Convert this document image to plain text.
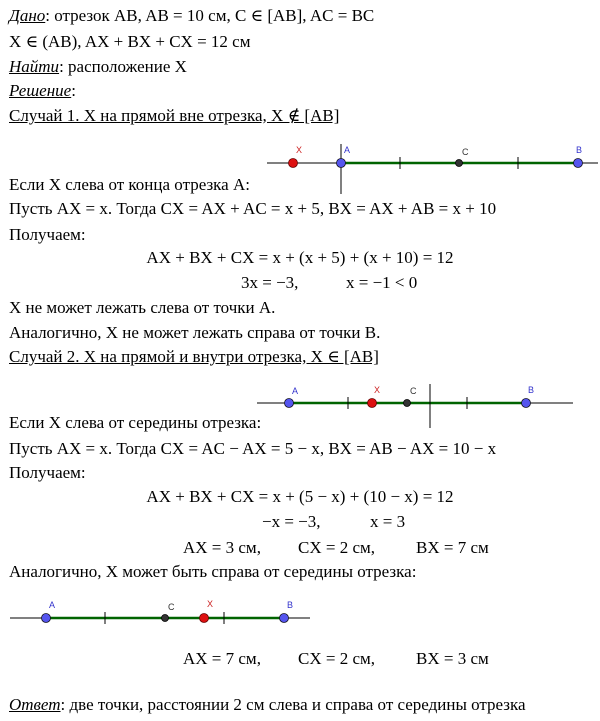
Дано: отрезок AB, AB = 10 см, C ∈ [AB], AC = BC
X ∈ (AB), AX + BX + CX = 12 см
Найти: расположение X
Решение:
Случай 1. X на прямой вне отрезка, X ∉ [AB]
X	A	C	B
Если X слева от конца отрезка A:
Пусть AX = x. Тогда CX = AX + AC = x + 5, BX = AX + AB = x + 10
Получаем:
AX + BX + CX = x + (x + 5) + (x + 10) = 12
3x = −3,	x = −1 < 0
X не может лежать слева от точки A.
Аналогично, X не может лежать справа от точки B.
Случай 2. X на прямой и внутри отрезка, X ∈ [AB]
A	X	C	B
Если X слева от середины отрезка:
Пусть AX = x. Тогда CX = AC − AX = 5 − x, BX = AB − AX = 10 − x
Получаем:
AX + BX + CX = x + (5 − x) + (10 − x) = 12
−x = −3,	x = 3
AX = 3 см, CX = 2 см, BX = 7 см
Аналогично, X может быть справа от середины отрезка:
A	C	X	B
AX = 7 см, CX = 2 см, BX = 3 см
Ответ: две точки, расстоянии 2 см слева и справа от середины отрезка
